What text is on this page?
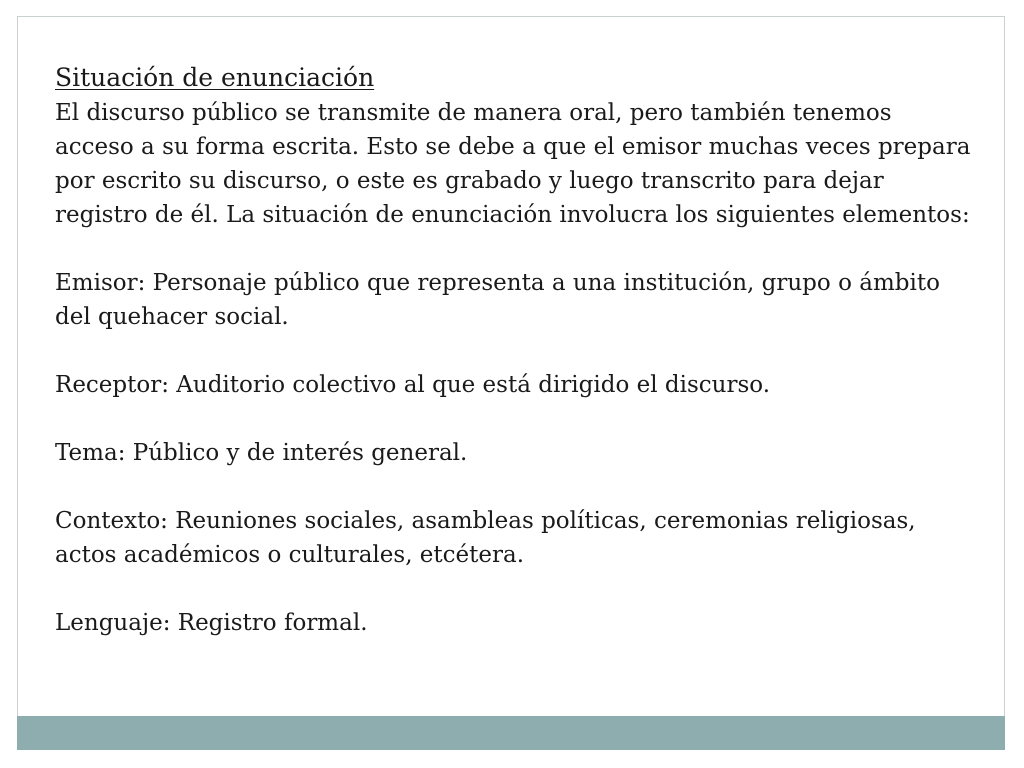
Situación de enunciación

El discurso público se transmite de manera oral, pero también tenemos acceso a su forma escrita. Esto se debe a que el emisor muchas veces prepara por escrito su discurso, o este es grabado y luego transcrito para dejar registro de él. La situación de enunciación involucra los siguientes elementos:

Emisor: Personaje público que representa a una institución, grupo o ámbito del quehacer social.

Receptor: Auditorio colectivo al que está dirigido el discurso.

Tema: Público y de interés general.

Contexto: Reuniones sociales, asambleas políticas, ceremonias religiosas, actos académicos o culturales, etcétera.

Lenguaje: Registro formal.
